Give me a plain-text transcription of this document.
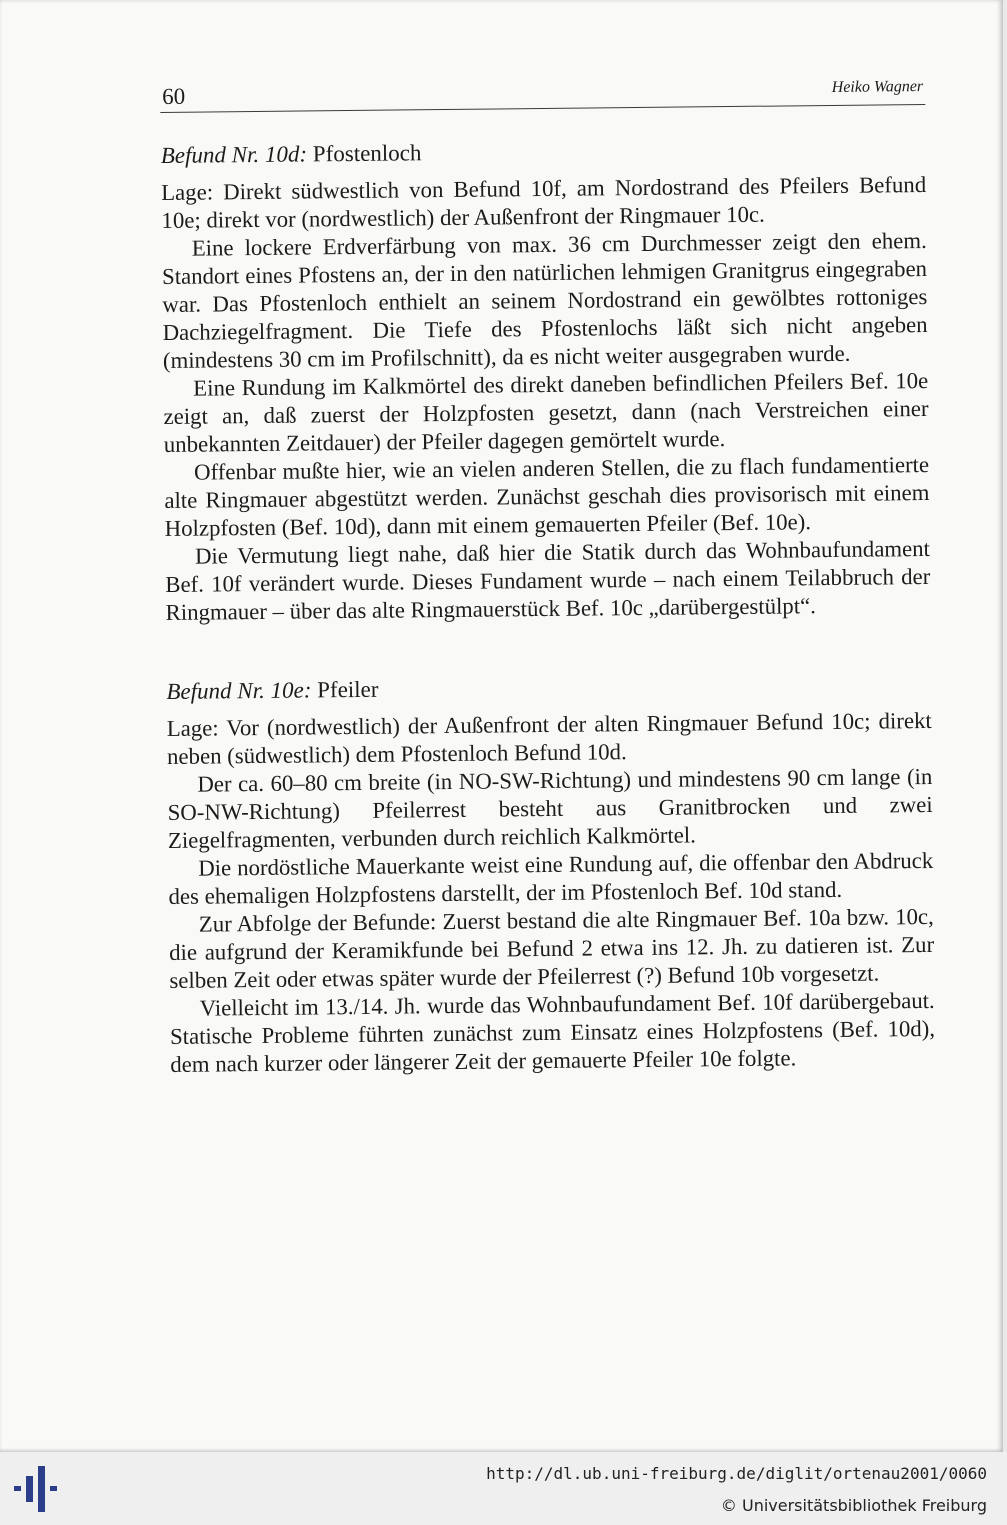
60	Heiko Wagner
Befund Nr. 10d: Pfostenloch

Lage: Direkt südwestlich von Befund 10f, am Nordostrand des Pfeilers Befund 10e; direkt vor (nordwestlich) der Außenfront der Ringmauer 10c.

Eine lockere Erdverfärbung von max. 36 cm Durchmesser zeigt den ehem. Standort eines Pfostens an, der in den natürlichen lehmigen Granitgrus eingegraben war. Das Pfostenloch enthielt an seinem Nordostrand ein gewölbtes rottoniges Dachziegelfragment. Die Tiefe des Pfostenlochs läßt sich nicht angeben (mindestens 30 cm im Profilschnitt), da es nicht weiter ausgegraben wurde.

Eine Rundung im Kalkmörtel des direkt daneben befindlichen Pfeilers Bef. 10e zeigt an, daß zuerst der Holzpfosten gesetzt, dann (nach Verstreichen einer unbekannten Zeitdauer) der Pfeiler dagegen gemörtelt wurde.

Offenbar mußte hier, wie an vielen anderen Stellen, die zu flach fundamentierte alte Ringmauer abgestützt werden. Zunächst geschah dies provisorisch mit einem Holzpfosten (Bef. 10d), dann mit einem gemauerten Pfeiler (Bef. 10e).

Die Vermutung liegt nahe, daß hier die Statik durch das Wohnbaufundament Bef. 10f verändert wurde. Dieses Fundament wurde – nach einem Teilabbruch der Ringmauer – über das alte Ringmauerstück Bef. 10c „darübergestülpt“.

Befund Nr. 10e: Pfeiler

Lage: Vor (nordwestlich) der Außenfront der alten Ringmauer Befund 10c; direkt neben (südwestlich) dem Pfostenloch Befund 10d.

Der ca. 60–80 cm breite (in NO-SW-Richtung) und mindestens 90 cm lange (in SO-NW-Richtung) Pfeilerrest besteht aus Granitbrocken und zwei Ziegelfragmenten, verbunden durch reichlich Kalkmörtel.

Die nordöstliche Mauerkante weist eine Rundung auf, die offenbar den Abdruck des ehemaligen Holzpfostens darstellt, der im Pfostenloch Bef. 10d stand.

Zur Abfolge der Befunde: Zuerst bestand die alte Ringmauer Bef. 10a bzw. 10c, die aufgrund der Keramikfunde bei Befund 2 etwa ins 12. Jh. zu datieren ist. Zur selben Zeit oder etwas später wurde der Pfeilerrest (?) Befund 10b vorgesetzt.

Vielleicht im 13./14. Jh. wurde das Wohnbaufundament Bef. 10f darübergebaut. Statische Probleme führten zunächst zum Einsatz eines Holzpfostens (Bef. 10d), dem nach kurzer oder längerer Zeit der gemauerte Pfeiler 10e folgte.

http://dl.ub.uni-freiburg.de/diglit/ortenau2001/0060
© Universitätsbibliothek Freiburg
